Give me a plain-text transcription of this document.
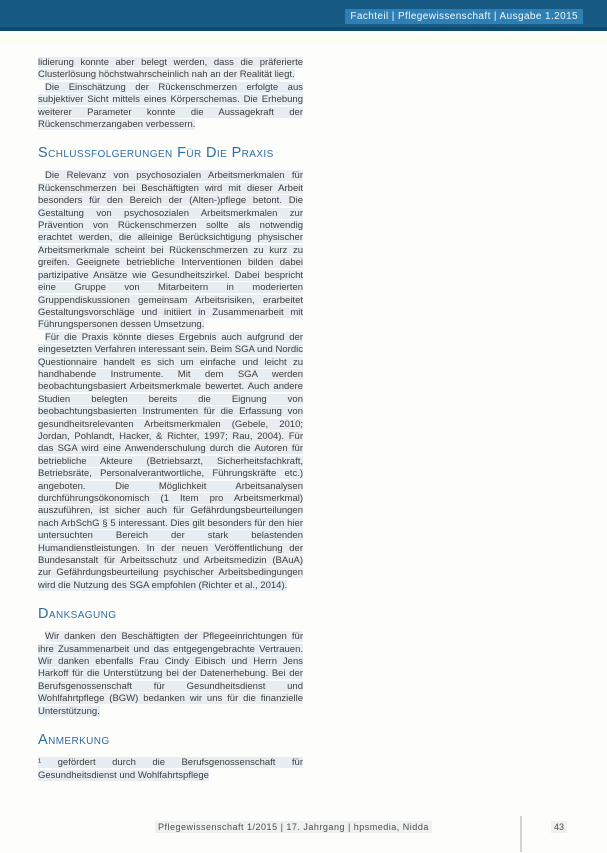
Fachteil | Pflegewissenschaft | Ausgabe 1.2015

lidierung konnte aber belegt werden, dass die präferierte Clusterlösung höchstwahrscheinlich nah an der Realität liegt.

Die Einschätzung der Rückenschmerzen erfolgte aus subjektiver Sicht mittels eines Körperschemas. Die Erhebung weiterer Parameter konnte die Aussagekraft der Rückenschmerzangaben verbessern.

Schlussfolgerungen Für Die Praxis

Die Relevanz von psychosozialen Arbeitsmerkmalen für Rückenschmerzen bei Beschäftigten wird mit dieser Arbeit besonders für den Bereich der (Alten-)pflege betont. Die Gestaltung von psychosozialen Arbeitsmerkmalen zur Prävention von Rückenschmerzen sollte als notwendig erachtet werden, die alleinige Berücksichtigung physischer Arbeitsmerkmale scheint bei Rückenschmerzen zu kurz zu greifen. Geeignete betriebliche Interventionen bilden dabei partizipative Ansätze wie Gesundheitszirkel. Dabei bespricht eine Gruppe von Mitarbeitern in moderierten Gruppendiskussionen gemeinsam Arbeitsrisiken, erarbeitet Gestaltungsvorschläge und initiiert in Zusammenarbeit mit Führungspersonen dessen Umsetzung.

Für die Praxis könnte dieses Ergebnis auch aufgrund der eingesetzten Verfahren interessant sein. Beim SGA und Nordic Questionnaire handelt es sich um einfache und leicht zu handhabende Instrumente. Mit dem SGA werden beobachtungsbasiert Arbeitsmerkmale bewertet. Auch andere Studien belegten bereits die Eignung von beobachtungsbasierten Instrumenten für die Erfassung von gesundheitsrelevanten Arbeitsmerkmalen (Gebele, 2010; Jordan, Pohlandt, Hacker, & Richter, 1997; Rau, 2004). Für das SGA wird eine Anwenderschulung durch die Autoren für betriebliche Akteure (Betriebsarzt, Sicherheitsfachkraft, Betriebsräte, Personalverantwortliche, Führungskräfte etc.) angeboten. Die Möglichkeit Arbeitsanalysen durchführungsökonomisch (1 Item pro Arbeitsmerkmal) auszuführen, ist sicher auch für Gefährdungsbeurteilungen nach ArbSchG § 5 interessant. Dies gilt besonders für den hier untersuchten Bereich der stark belastenden Humandienstleistungen. In der neuen Veröffentlichung der Bundesanstalt für Arbeitsschutz und Arbeitsmedizin (BAuA) zur Gefährdungsbeurteilung psychischer Arbeitsbedingungen wird die Nutzung des SGA empfohlen (Richter et al., 2014).

Danksagung

Wir danken den Beschäftigten der Pflegeeinrichtungen für ihre Zusammenarbeit und das entgegengebrachte Vertrauen. Wir danken ebenfalls Frau Cindy Eibisch und Herrn Jens Harkoff für die Unterstützung bei der Datenerhebung. Bei der Berufsgenossenschaft für Gesundheitsdienst und Wohlfahrtpflege (BGW) bedanken wir uns für die finanzielle Unterstützung.

Anmerkung

¹ gefördert durch die Berufsgenossenschaft für Gesundheitsdienst und Wohlfahrtspflege

Pflegewissenschaft 1/2015 | 17. Jahrgang | hpsmedia, Nidda	43
